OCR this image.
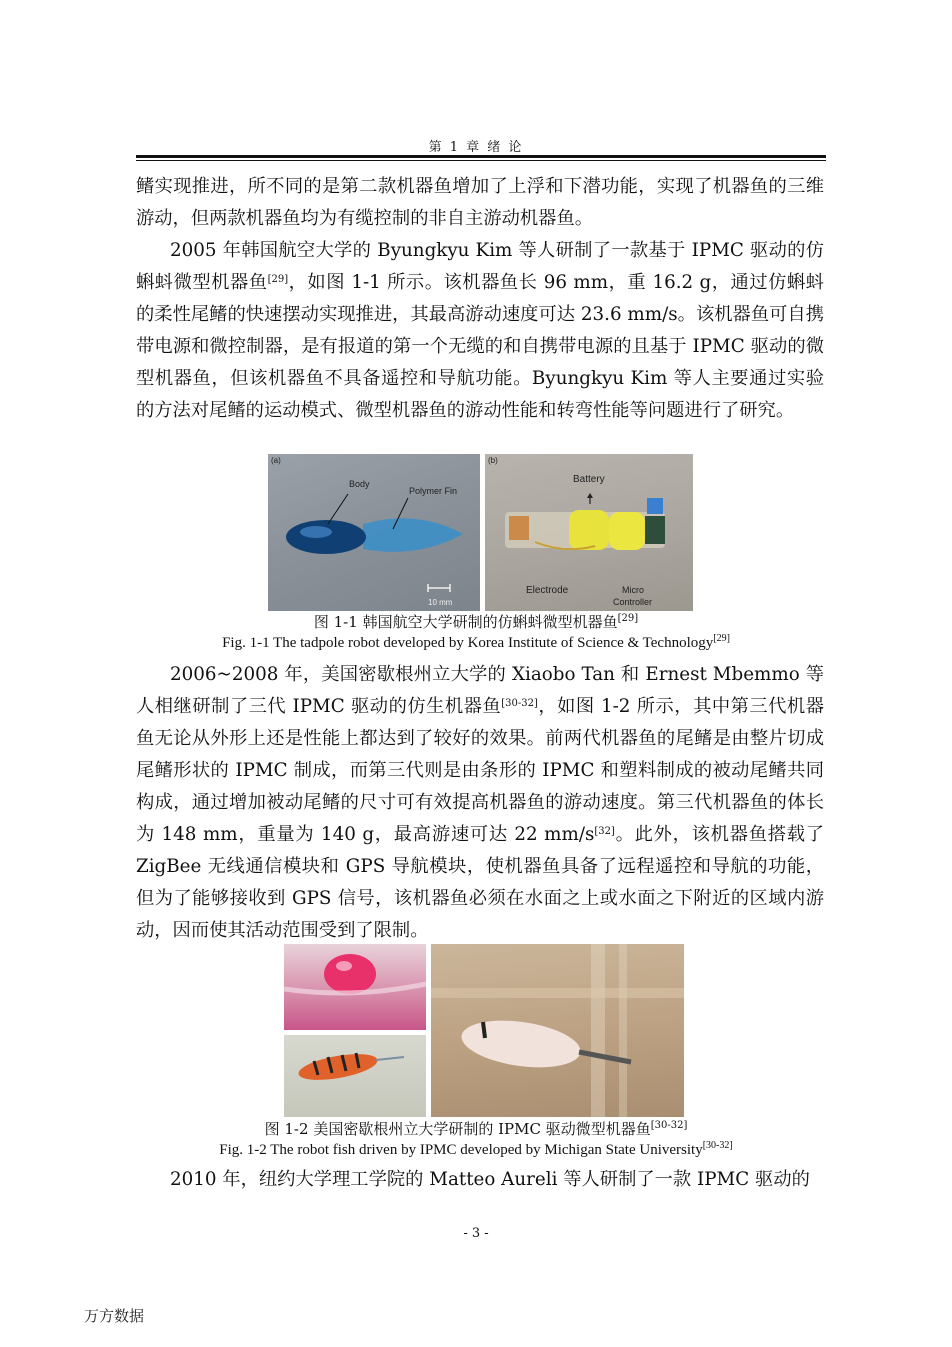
第 1 章 绪 论

鳍实现推进，所不同的是第二款机器鱼增加了上浮和下潜功能，实现了机器鱼的三维游动，但两款机器鱼均为有缆控制的非自主游动机器鱼。

2005 年韩国航空大学的 Byungkyu Kim 等人研制了一款基于 IPMC 驱动的仿蝌蚪微型机器鱼[29]，如图 1-1 所示。该机器鱼长 96 mm，重 16.2 g，通过仿蝌蚪的柔性尾鳍的快速摆动实现推进，其最高游动速度可达 23.6 mm/s。该机器鱼可自携带电源和微控制器，是有报道的第一个无缆的和自携带电源的且基于 IPMC 驱动的微型机器鱼，但该机器鱼不具备遥控和导航功能。Byungkyu Kim 等人主要通过实验的方法对尾鳍的运动模式、微型机器鱼的游动性能和转弯性能等问题进行了研究。

(a)
Body
Polymer Fin
10 mm
(b)
Battery
Electrode	Micro
Controller
图 1-1 韩国航空大学研制的仿蝌蚪微型机器鱼[29]
Fig. 1-1 The tadpole robot developed by Korea Institute of Science & Technology[29]

2006~2008 年，美国密歇根州立大学的 Xiaobo Tan 和 Ernest Mbemmo 等人相继研制了三代 IPMC 驱动的仿生机器鱼[30-32]，如图 1-2 所示，其中第三代机器鱼无论从外形上还是性能上都达到了较好的效果。前两代机器鱼的尾鳍是由整片切成尾鳍形状的 IPMC 制成，而第三代则是由条形的 IPMC 和塑料制成的被动尾鳍共同构成，通过增加被动尾鳍的尺寸可有效提高机器鱼的游动速度。第三代机器鱼的体长为 148 mm，重量为 140 g，最高游速可达 22 mm/s[32]。此外，该机器鱼搭载了 ZigBee 无线通信模块和 GPS 导航模块，使机器鱼具备了远程遥控和导航的功能，但为了能够接收到 GPS 信号，该机器鱼必须在水面之上或水面之下附近的区域内游动，因而使其活动范围受到了限制。

图 1-2 美国密歇根州立大学研制的 IPMC 驱动微型机器鱼[30-32]
Fig. 1-2 The robot fish driven by IPMC developed by Michigan State University[30-32]

2010 年，纽约大学理工学院的 Matteo Aureli 等人研制了一款 IPMC 驱动的

- 3 -
万方数据
